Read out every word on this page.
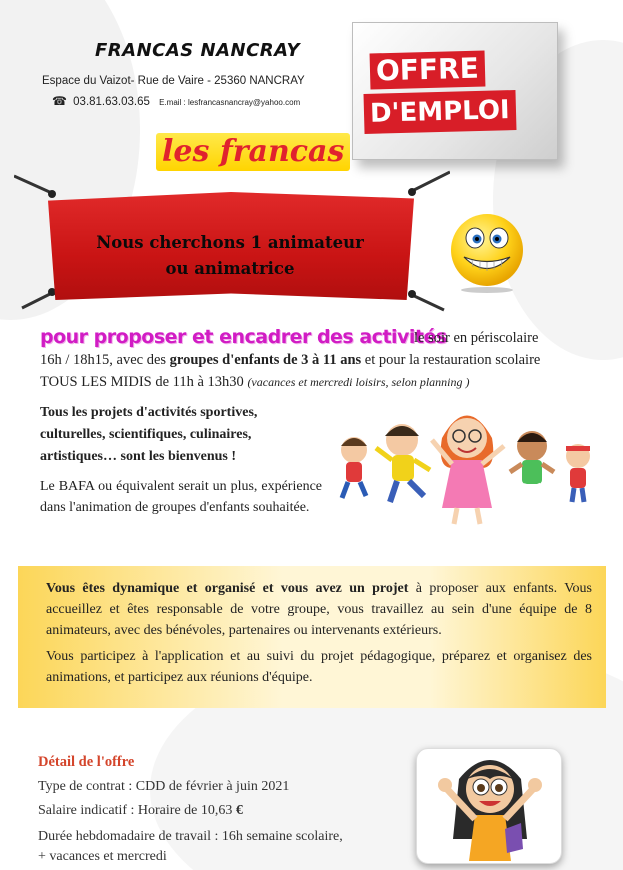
FRANCAS NANCRAY
Espace du Vaizot- Rue de Vaire - 25360 NANCRAY
☎ 03.81.63.03.65 E.mail : lesfrancasnancray@yahoo.com
OFFRE
D'EMPLOI
les francas
Nous cherchons 1 animateur
ou animatrice
pour proposer et encadrer des activités
le soir en périscolaire
16h / 18h15, avec des groupes d'enfants de 3 à 11 ans et pour la restauration scolaire
TOUS LES MIDIS de 11h à 13h30 (vacances et mercredi loisirs, selon planning )
Tous les projets d'activités sportives,
culturelles, scientifiques, culinaires,
artistiques… sont les bienvenus !
Le BAFA ou équivalent serait un plus, expérience dans l'animation de groupes d'enfants souhaitée.
Vous êtes dynamique et organisé et vous avez un projet à proposer aux enfants. Vous accueillez et êtes responsable de votre groupe, vous travaillez au sein d'une équipe de 8 animateurs, avec des bénévoles, partenaires ou intervenants extérieurs.
Vous participez à l'application et au suivi du projet pédagogique, préparez et organisez des animations, et participez aux réunions d'équipe.
Détail de l'offre
Type de contrat : CDD de février à juin 2021
Salaire indicatif : Horaire de 10,63 €
Durée hebdomadaire de travail : 16h semaine scolaire,
+ vacances et mercredi
